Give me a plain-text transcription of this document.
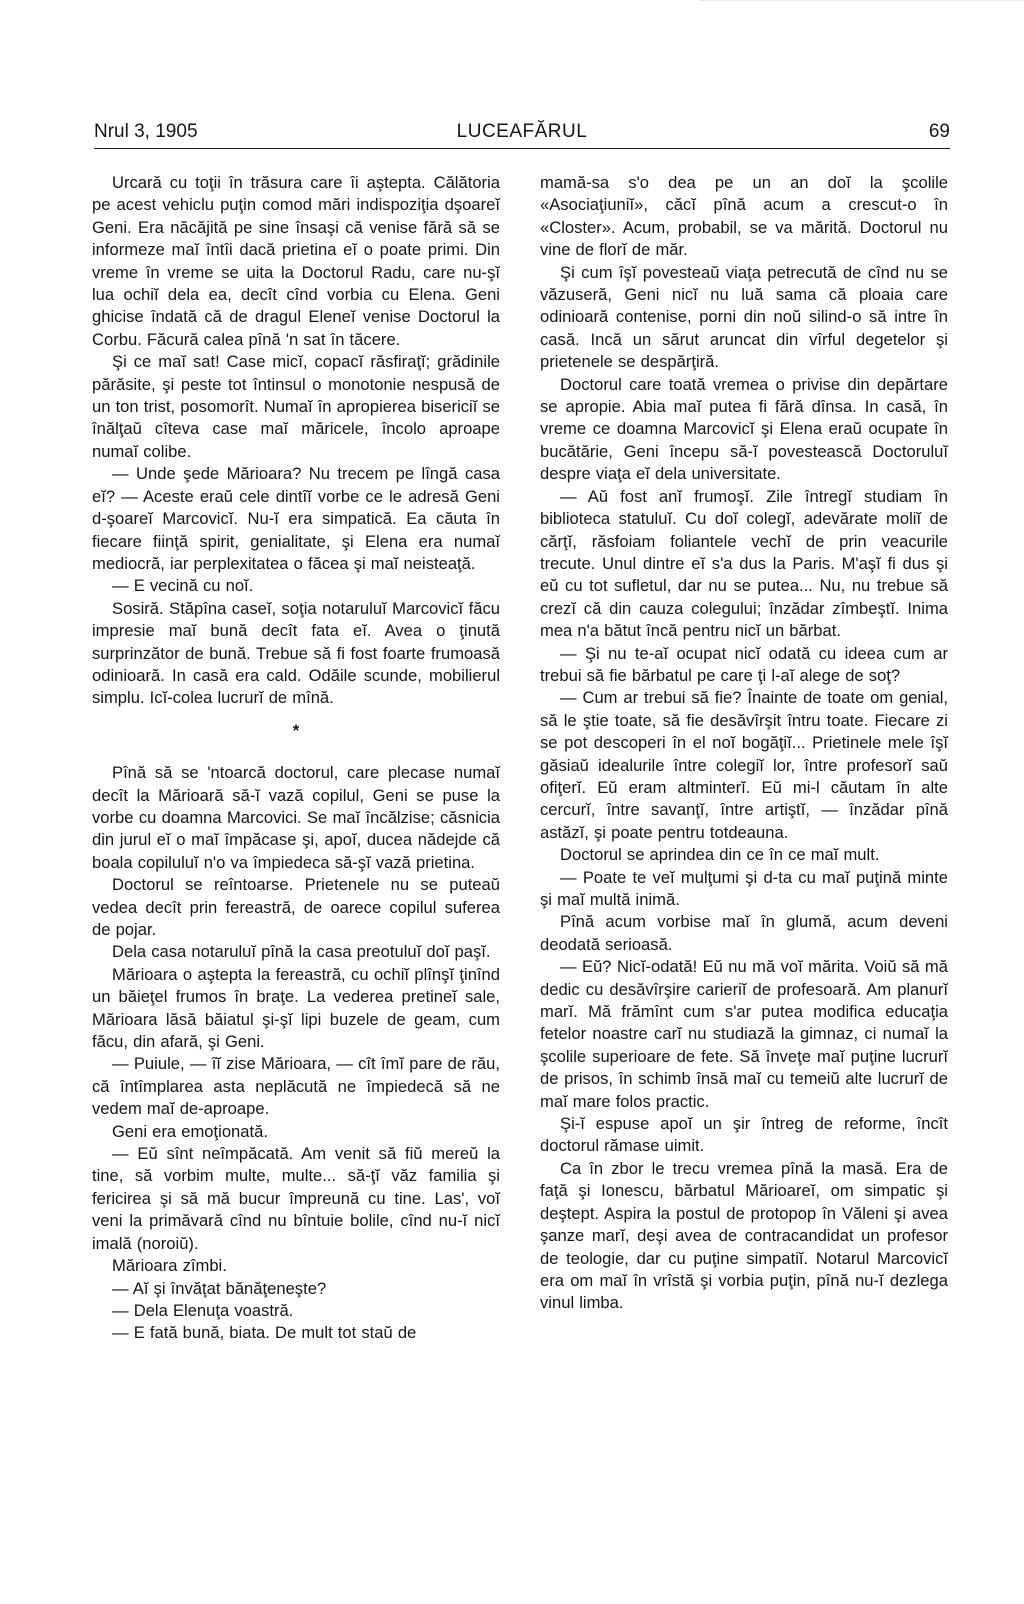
Nrul 3, 1905	LUCEAFĂRUL	69

Urcară cu toţii în trăsura care îi aştepta. Călătoria pe acest vehiclu puţin comod mări indispoziţia dşoareĭ Geni. Era năcăjită pe sine însaşi că venise fără să se informeze maĭ întîi dacă prietina eĭ o poate primi. Din vreme în vreme se uita la Doctorul Radu, care nu-şĭ lua ochiĭ dela ea, decît cînd vorbia cu Elena. Geni ghicise îndată că de dragul Eleneĭ venise Doctorul la Corbu. Făcură calea pînă 'n sat în tăcere.

Şi ce maĭ sat! Case micĭ, copacĭ răsfiraţĭ; grădinile părăsite, şi peste tot întinsul o monotonie nespusă de un ton trist, posomorît. Numaĭ în apropierea bisericiĭ se înălţaŭ cîteva case maĭ măricele, încolo aproape numaĭ colibe.

— Unde şede Mărioara? Nu trecem pe lîngă casa eĭ? — Aceste eraŭ cele dintîĭ vorbe ce le adresă Geni d-şoareĭ Marcovicĭ. Nu-ĭ era simpatică. Ea căuta în fiecare fiinţă spirit, genialitate, şi Elena era numaĭ mediocră, iar perplexitatea o făcea şi maĭ neisteaţă.

— E vecină cu noĭ.

Sosiră. Stăpîna caseĭ, soţia notaruluĭ Marcovicĭ făcu impresie maĭ bună decît fata eĭ. Avea o ţinută surprinzător de bună. Trebue să fi fost foarte frumoasă odinioară. In casă era cald. Odăile scunde, mobilierul simplu. Icĭ-colea lucrurĭ de mînă.

*

Pînă să se 'ntoarcă doctorul, care plecase numaĭ decît la Mărioară să-ĭ vază copilul, Geni se puse la vorbe cu doamna Marcovici. Se maĭ încălzise; căsnicia din jurul eĭ o maĭ împăcase şi, apoĭ, ducea nădejde că boala copiluluĭ n'o va împiedeca să-şĭ vază prietina.

Doctorul se reîntoarse. Prietenele nu se puteaŭ vedea decît prin fereastră, de oarece copilul suferea de pojar.

Dela casa notaruluĭ pînă la casa preotuluĭ doĭ paşĭ.

Mărioara o aştepta la fereastră, cu ochiĭ plînşĭ ţinînd un băieţel frumos în braţe. La vederea pretineĭ sale, Mărioara lăsă băiatul şi-şĭ lipi buzele de geam, cum făcu, din afară, şi Geni.

— Puiule, — îĭ zise Mărioara, — cît îmĭ pare de rău, că întîmplarea asta neplăcută ne împiedecă să ne vedem maĭ de-aproape.

Geni era emoţionată.

— Eŭ sînt neîmpăcată. Am venit să fiŭ mereŭ la tine, să vorbim multe, multe... să-ţĭ văz familia şi fericirea şi să mă bucur împreună cu tine. Las', voĭ veni la primăvară cînd nu bîntuie bolile, cînd nu-ĭ nicĭ imală (noroiŭ).

Mărioara zîmbi.

— Aĭ şi învăţat bănăţeneşte?

— Dela Elenuţa voastră.

— E fată bună, biata. De mult tot staŭ de

mamă-sa s'o dea pe un an doĭ la şcolile «Asociaţiuniĭ», căcĭ pînă acum a crescut-o în «Closter». Acum, probabil, se va mărită. Doctorul nu vine de florĭ de măr.

Şi cum îşĭ povesteaŭ viaţa petrecută de cînd nu se văzuseră, Geni nicĭ nu luă sama că ploaia care odinioară contenise, porni din noŭ silind-o să intre în casă. Incă un sărut aruncat din vîrful degetelor şi prietenele se despărţiră.

Doctorul care toată vremea o privise din depărtare se apropie. Abia maĭ putea fi fără dînsa. In casă, în vreme ce doamna Marcovicĭ şi Elena eraŭ ocupate în bucătărie, Geni începu să-ĭ povestească Doctoruluĭ despre viaţa eĭ dela universitate.

— Aŭ fost anĭ frumoşĭ. Zile întregĭ studiam în biblioteca statuluĭ. Cu doĭ colegĭ, adevărate moliĭ de cărţĭ, răsfoiam foliantele vechĭ de prin veacurile trecute. Unul dintre eĭ s'a dus la Paris. M'aşĭ fi dus şi eŭ cu tot sufletul, dar nu se putea... Nu, nu trebue să crezĭ că din cauza colegului; înzădar zîmbeştĭ. Inima mea n'a bătut încă pentru nicĭ un bărbat.

— Şi nu te-aĭ ocupat nicĭ odată cu ideea cum ar trebui să fie bărbatul pe care ţi l-aĭ alege de soţ?

— Cum ar trebui să fie? Înainte de toate om genial, să le ştie toate, să fie desăvîrşit întru toate. Fiecare zi se pot descoperi în el noĭ bogăţiĭ... Prietinele mele îşĭ găsiaŭ idealurile între colegiĭ lor, între profesorĭ saŭ ofiţerĭ. Eŭ eram altminterĭ. Eŭ mi-l căutam în alte cercurĭ, între savanţĭ, între artiştĭ, — înzădar pînă astăzĭ, şi poate pentru totdeauna.

Doctorul se aprindea din ce în ce maĭ mult.

— Poate te veĭ mulţumi şi d-ta cu maĭ puţină minte şi maĭ multă inimă.

Pînă acum vorbise maĭ în glumă, acum deveni deodată serioasă.

— Eŭ? Nicĭ-odată! Eŭ nu mă voĭ mărita. Voiŭ să mă dedic cu desăvîrşire carieriĭ de profesoară. Am planurĭ marĭ. Mă frămînt cum s'ar putea modifica educaţia fetelor noastre carĭ nu studiază la gimnaz, ci numaĭ la şcolile superioare de fete. Să înveţe maĭ puţine lucrurĭ de prisos, în schimb însă maĭ cu temeiŭ alte lucrurĭ de maĭ mare folos practic.

Şi-ĭ espuse apoĭ un şir întreg de reforme, încît doctorul rămase uimit.

Ca în zbor le trecu vremea pînă la masă. Era de faţă şi Ionescu, bărbatul Mărioareĭ, om simpatic şi deştept. Aspira la postul de protopop în Văleni şi avea şanze marĭ, deşi avea de contracandidat un profesor de teologie, dar cu puţine simpatiĭ. Notarul Marcovicĭ era om maĭ în vrîstă şi vorbia puţin, pînă nu-ĭ dezlega vinul limba.
